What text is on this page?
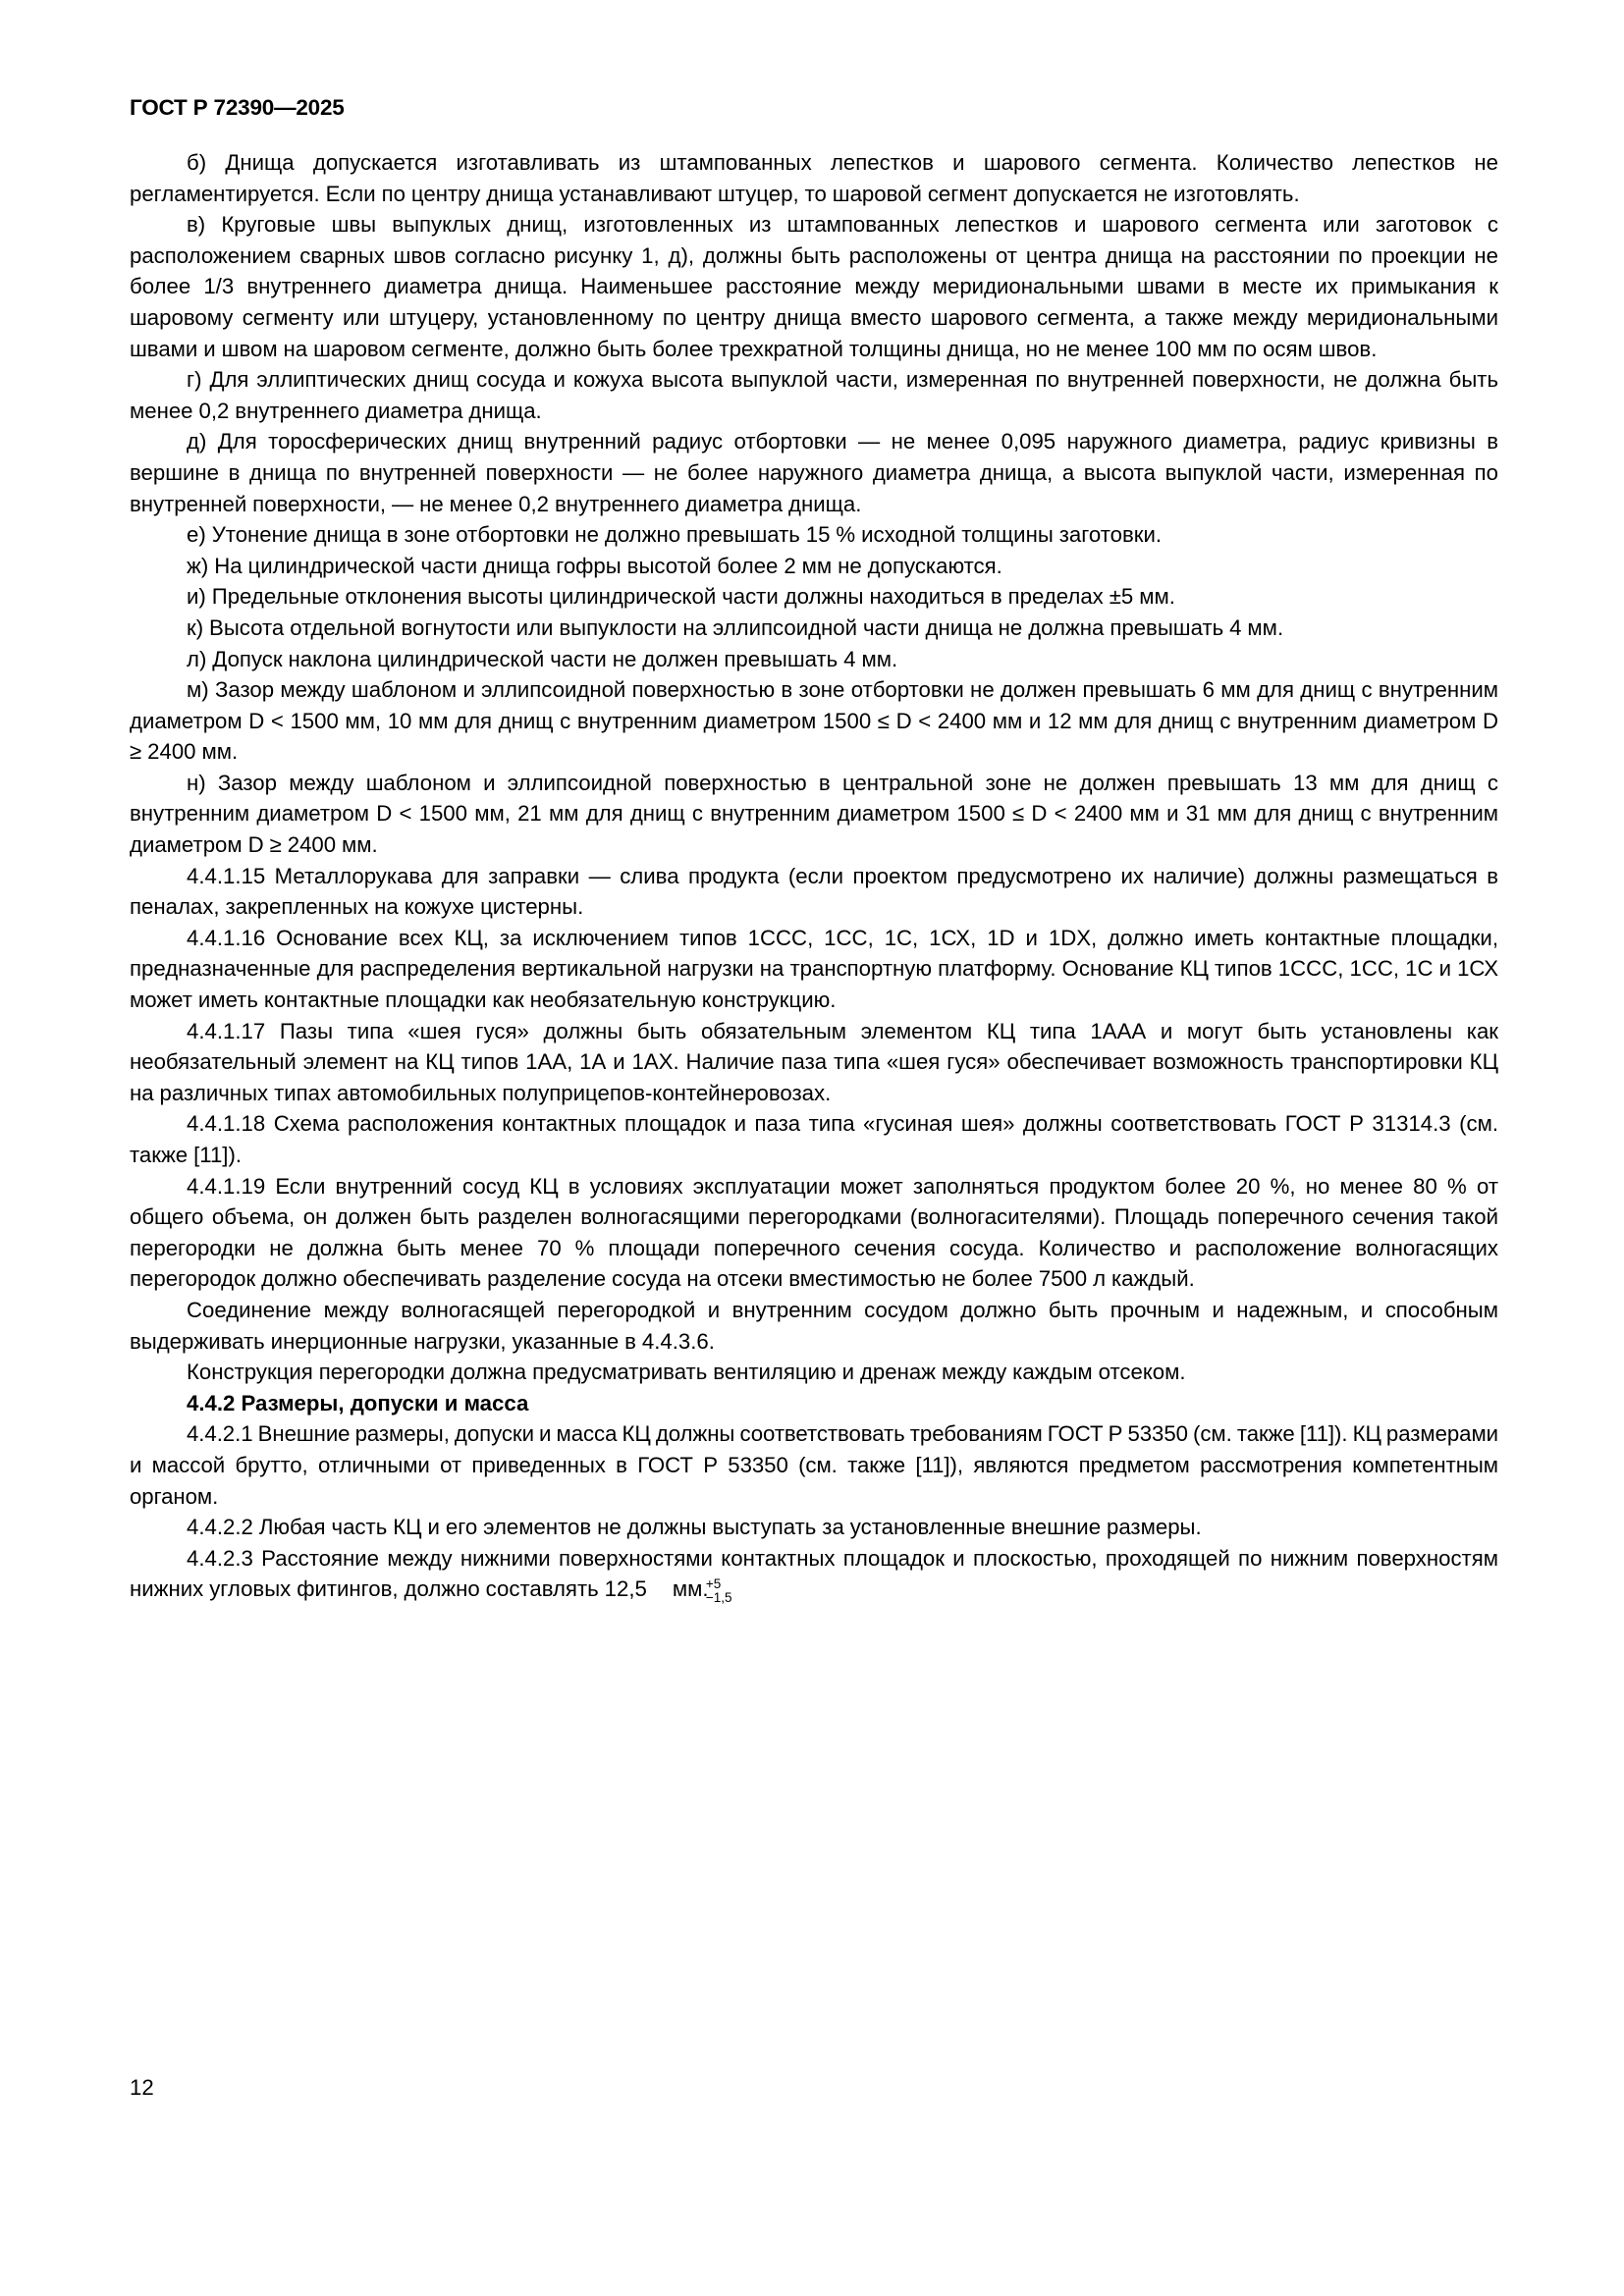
ГОСТ Р 72390—2025

б) Днища допускается изготавливать из штампованных лепестков и шарового сегмента. Количество лепестков не регламентируется. Если по центру днища устанавливают штуцер, то шаровой сегмент допускается не изготовлять.

в) Круговые швы выпуклых днищ, изготовленных из штампованных лепестков и шарового сегмента или заготовок с расположением сварных швов согласно рисунку 1, д), должны быть расположены от центра днища на расстоянии по проекции не более 1/3 внутреннего диаметра днища. Наименьшее расстояние между меридиональными швами в месте их примыкания к шаровому сегменту или штуцеру, установленному по центру днища вместо шарового сегмента, а также между меридиональными швами и швом на шаровом сегменте, должно быть более трехкратной толщины днища, но не менее 100 мм по осям швов.

г) Для эллиптических днищ сосуда и кожуха высота выпуклой части, измеренная по внутренней поверхности, не должна быть менее 0,2 внутреннего диаметра днища.

д) Для торосферических днищ внутренний радиус отбортовки — не менее 0,095 наружного диаметра, радиус кривизны в вершине в днища по внутренней поверхности — не более наружного диаметра днища, а высота выпуклой части, измеренная по внутренней поверхности, — не менее 0,2 внутреннего диаметра днища.

е) Утонение днища в зоне отбортовки не должно превышать 15 % исходной толщины заготовки.

ж) На цилиндрической части днища гофры высотой более 2 мм не допускаются.

и) Предельные отклонения высоты цилиндрической части должны находиться в пределах ±5 мм.

к) Высота отдельной вогнутости или выпуклости на эллипсоидной части днища не должна превышать 4 мм.

л) Допуск наклона цилиндрической части не должен превышать 4 мм.

м) Зазор между шаблоном и эллипсоидной поверхностью в зоне отбортовки не должен превышать 6 мм для днищ с внутренним диаметром D < 1500 мм, 10 мм для днищ с внутренним диаметром 1500 ≤ D < 2400 мм и 12 мм для днищ с внутренним диаметром D ≥ 2400 мм.

н) Зазор между шаблоном и эллипсоидной поверхностью в центральной зоне не должен превышать 13 мм для днищ с внутренним диаметром D < 1500 мм, 21 мм для днищ с внутренним диаметром 1500 ≤ D < 2400 мм и 31 мм для днищ с внутренним диаметром D ≥ 2400 мм.

4.4.1.15 Металлорукава для заправки — слива продукта (если проектом предусмотрено их наличие) должны размещаться в пеналах, закрепленных на кожухе цистерны.

4.4.1.16 Основание всех КЦ, за исключением типов 1ССС, 1СС, 1С, 1СХ, 1D и 1DX, должно иметь контактные площадки, предназначенные для распределения вертикальной нагрузки на транспортную платформу. Основание КЦ типов 1ССС, 1СС, 1С и 1СХ может иметь контактные площадки как необязательную конструкцию.

4.4.1.17 Пазы типа «шея гуся» должны быть обязательным элементом КЦ типа 1ААА и могут быть установлены как необязательный элемент на КЦ типов 1АА, 1А и 1АХ. Наличие паза типа «шея гуся» обеспечивает возможность транспортировки КЦ на различных типах автомобильных полуприцепов-контейнеровозах.

4.4.1.18 Схема расположения контактных площадок и паза типа «гусиная шея» должны соответствовать ГОСТ Р 31314.3 (см. также [11]).

4.4.1.19 Если внутренний сосуд КЦ в условиях эксплуатации может заполняться продуктом более 20 %, но менее 80 % от общего объема, он должен быть разделен волногасящими перегородками (волногасителями). Площадь поперечного сечения такой перегородки не должна быть менее 70 % площади поперечного сечения сосуда. Количество и расположение волногасящих перегородок должно обеспечивать разделение сосуда на отсеки вместимостью не более 7500 л каждый.

Соединение между волногасящей перегородкой и внутренним сосудом должно быть прочным и надежным, и способным выдерживать инерционные нагрузки, указанные в 4.4.3.6.

Конструкция перегородки должна предусматривать вентиляцию и дренаж между каждым отсеком.

4.4.2 Размеры, допуски и масса

4.4.2.1 Внешние размеры, допуски и масса КЦ должны соответствовать требованиям ГОСТ Р 53350 (см. также [11]). КЦ размерами и массой брутто, отличными от приведенных в ГОСТ Р 53350 (см. также [11]), являются предметом рассмотрения компетентным органом.

4.4.2.2 Любая часть КЦ и его элементов не должны выступать за установленные внешние размеры.

4.4.2.3 Расстояние между нижними поверхностями контактных площадок и плоскостью, проходящей по нижним поверхностям нижних угловых фитингов, должно составлять 12,5	+5
−1,5
мм.

12
